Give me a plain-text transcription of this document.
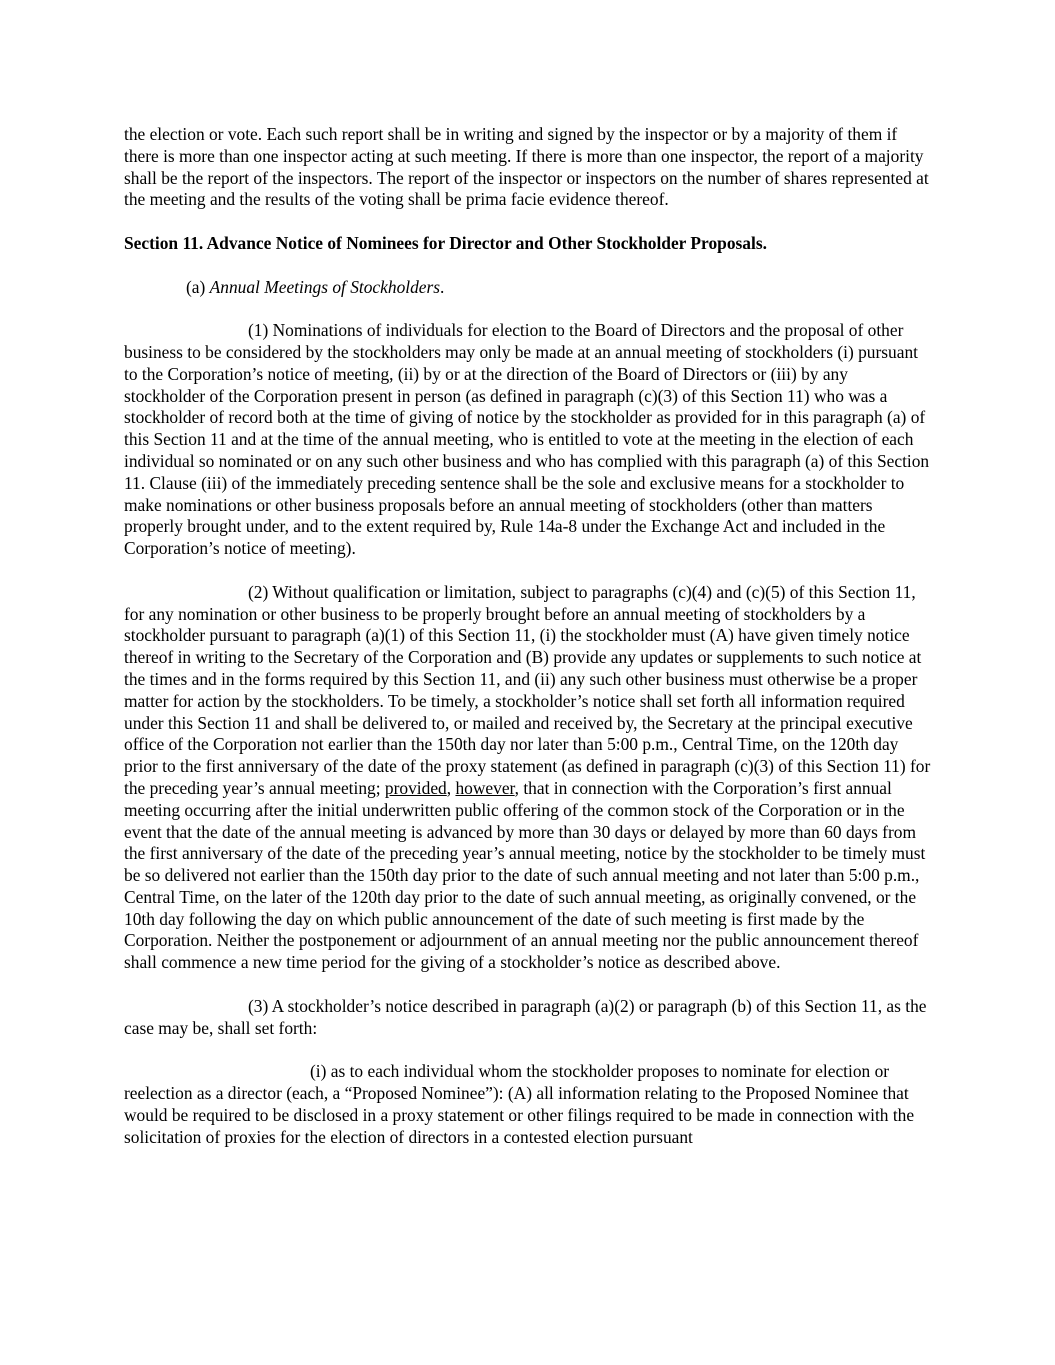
the election or vote. Each such report shall be in writing and signed by the inspector or by a majority of them if there is more than one inspector acting at such meeting. If there is more than one inspector, the report of a majority shall be the report of the inspectors. The report of the inspector or inspectors on the number of shares represented at the meeting and the results of the voting shall be prima facie evidence thereof.

Section 11. Advance Notice of Nominees for Director and Other Stockholder Proposals.

(a) Annual Meetings of Stockholders.

(1) Nominations of individuals for election to the Board of Directors and the proposal of other business to be considered by the stockholders may only be made at an annual meeting of stockholders (i) pursuant to the Corporation’s notice of meeting, (ii) by or at the direction of the Board of Directors or (iii) by any stockholder of the Corporation present in person (as defined in paragraph (c)(3) of this Section 11) who was a stockholder of record both at the time of giving of notice by the stockholder as provided for in this paragraph (a) of this Section 11 and at the time of the annual meeting, who is entitled to vote at the meeting in the election of each individual so nominated or on any such other business and who has complied with this paragraph (a) of this Section 11. Clause (iii) of the immediately preceding sentence shall be the sole and exclusive means for a stockholder to make nominations or other business proposals before an annual meeting of stockholders (other than matters properly brought under, and to the extent required by, Rule 14a-8 under the Exchange Act and included in the Corporation’s notice of meeting).

(2) Without qualification or limitation, subject to paragraphs (c)(4) and (c)(5) of this Section 11, for any nomination or other business to be properly brought before an annual meeting of stockholders by a stockholder pursuant to paragraph (a)(1) of this Section 11, (i) the stockholder must (A) have given timely notice thereof in writing to the Secretary of the Corporation and (B) provide any updates or supplements to such notice at the times and in the forms required by this Section 11, and (ii) any such other business must otherwise be a proper matter for action by the stockholders. To be timely, a stockholder’s notice shall set forth all information required under this Section 11 and shall be delivered to, or mailed and received by, the Secretary at the principal executive office of the Corporation not earlier than the 150th day nor later than 5:00 p.m., Central Time, on the 120th day prior to the first anniversary of the date of the proxy statement (as defined in paragraph (c)(3) of this Section 11) for the preceding year’s annual meeting; provided, however, that in connection with the Corporation’s first annual meeting occurring after the initial underwritten public offering of the common stock of the Corporation or in the event that the date of the annual meeting is advanced by more than 30 days or delayed by more than 60 days from the first anniversary of the date of the preceding year’s annual meeting, notice by the stockholder to be timely must be so delivered not earlier than the 150th day prior to the date of such annual meeting and not later than 5:00 p.m., Central Time, on the later of the 120th day prior to the date of such annual meeting, as originally convened, or the 10th day following the day on which public announcement of the date of such meeting is first made by the Corporation. Neither the postponement or adjournment of an annual meeting nor the public announcement thereof shall commence a new time period for the giving of a stockholder’s notice as described above.

(3) A stockholder’s notice described in paragraph (a)(2) or paragraph (b) of this Section 11, as the case may be, shall set forth:

(i) as to each individual whom the stockholder proposes to nominate for election or reelection as a director (each, a “Proposed Nominee”): (A) all information relating to the Proposed Nominee that would be required to be disclosed in a proxy statement or other filings required to be made in connection with the solicitation of proxies for the election of directors in a contested election pursuant
